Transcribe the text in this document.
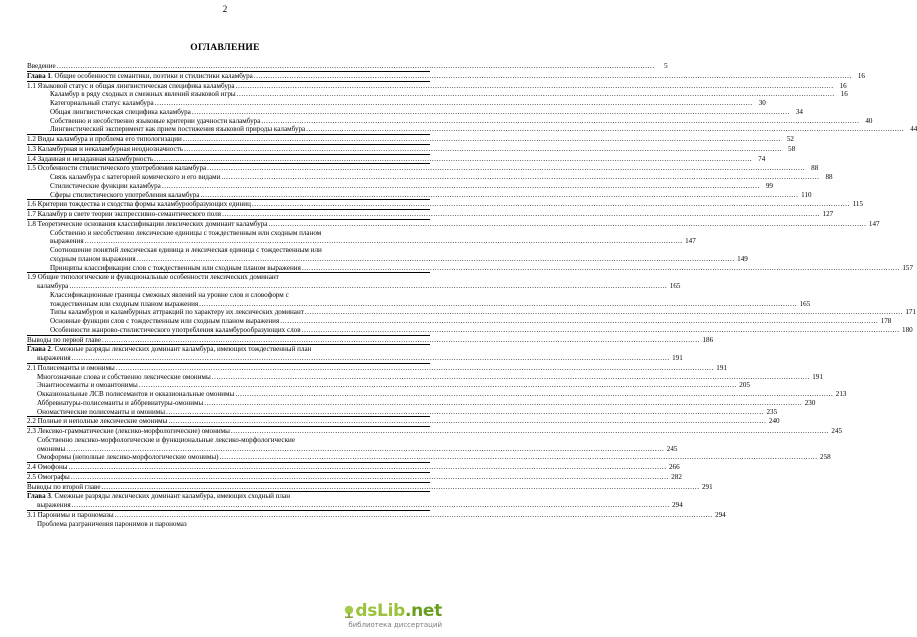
2
ОГЛАВЛЕНИЕ
Введение .....	5
Глава 1. Общие особенности семантики, поэтики и стилистики каламбура .....	16
1.1 Языковой статус и общая лингвистическая специфика каламбура .....	16
Каламбур в ряду сходных и смежных явлений языковой игры .....	16
Категориальный статус каламбура .....	30
Общая лингвистическая специфика каламбура .....	34
Собственно и несобственно языковые критерии удачности каламбура .....	40
Лингвистический эксперимент как прием постижения языковой природы каламбура .....	44
1.2 Виды каламбура и проблема его типологизации .....	52
1.3 Каламбурная и некаламбурная неоднозначность .....	58
1.4 Заданная и незаданная каламбурность .....	74
1.5 Особенности стилистического употребления каламбура .....	88
Связь каламбура с категорией комического и его видами .....	88
Стилистические функции каламбура .....	99
Сферы стилистического употребления каламбура .....	110
1.6 Критерии тождества и сходства формы каламбурообразующих единиц .....	115
1.7 Каламбур в свете теории экспрессивно-семантического поля .....	127
1.8 Теоретические основания классификации лексических доминант каламбура .....	147
Собственно и несобственно лексические единицы с тождественным или сходным планом
выражения .....	147
Соотношение понятий лексическая единица и лексическая единица с тождественным или
сходным планом выражения .....	149
Принципы классификации слов с тождественным или сходным планом выражения .....	157
1.9 Общие типологические и функциональные особенности лексических доминант
каламбура .....	165
Классификационные границы смежных явлений на уровне слов и словоформ с
тождественным или сходным планом выражения .....	165
Типы каламбуров и каламбурных аттракций по характеру их лексических доминант .....	171
Основные функции слов с тождественным или сходным планом выражения .....	178
Особенности жанрово-стилистического употребления каламбурообразующих слов .....	180
Выводы по первой главе .....	186
Глава 2. Смежные разряды лексических доминант каламбура, имеющих тождественный план
выражения .....	191
2.1 Полисеманты и омонимы .....	191
Многозначные слова и собственно лексические омонимы .....	191
Энантиосеманты и омоантонимы .....	205
Окказиональные ЛСВ полисемантов и окказиональные омонимы .....	213
Аббревиатуры-полисеманты и аббревиатуры-омонимы .....	230
Ономастические полисеманты и омонимы .....	235
2.2 Полные и неполные лексические омонимы .....	240
2.3 Лексико-грамматические (лексико-морфологические) омонимы .....	245
Собственно лексико-морфологические и функциональные лексико-морфологические
омонимы .....	245
Омоформы (неполные лексико-морфологические омонимы) .....	258
2.4 Омофоны .....	266
2.5 Омографы .....	282
Выводы по второй главе .....	291
Глава 3. Смежные разряды лексических доминант каламбура, имеющих сходный план
выражения .....	294
3.1 Паронимы и парономазы .....	294
Проблема разграничения паронимов и парономаз
dsLib.net
библиотека диссертаций
